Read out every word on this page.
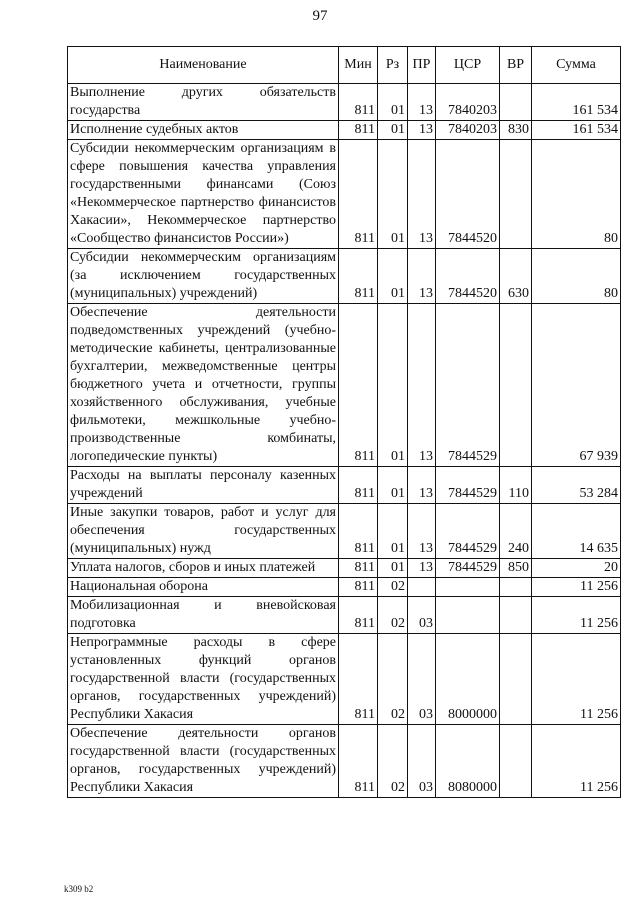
97
Наименование	Мин	Рз	ПР	ЦСР	ВР	Сумма
Выполнение других обязательств государства	811	01	13	7840203		161 534
Исполнение судебных актов	811	01	13	7840203	830	161 534
Субсидии некоммерческим организациям в сфере повышения качества управления государственными финансами (Союз «Некоммерческое партнерство финансистов Хакасии», Некоммерческое партнерство «Сообщество финансистов России»)	811	01	13	7844520		80
Субсидии некоммерческим организациям (за исключением государственных (муниципальных) учреждений)	811	01	13	7844520	630	80
Обеспечение деятельности подведомственных учреждений (учебно-методические кабинеты, централизованные бухгалтерии, межведомственные центры бюджетного учета и отчетности, группы хозяйственного обслуживания, учебные фильмотеки, межшкольные учебно-производственные комбинаты, логопедические пункты)	811	01	13	7844529		67 939
Расходы на выплаты персоналу казенных учреждений	811	01	13	7844529	110	53 284
Иные закупки товаров, работ и услуг для обеспечения государственных (муниципальных) нужд	811	01	13	7844529	240	14 635
Уплата налогов, сборов и иных платежей	811	01	13	7844529	850	20
Национальная оборона	811	02				11 256
Мобилизационная и вневойсковая подготовка	811	02	03			11 256
Непрограммные расходы в сфере установленных функций органов государственной власти (государственных органов, государственных учреждений) Республики Хакасия	811	02	03	8000000		11 256
Обеспечение деятельности органов государственной власти (государственных органов, государственных учреждений) Республики Хакасия	811	02	03	8080000		11 256
k309 b2
